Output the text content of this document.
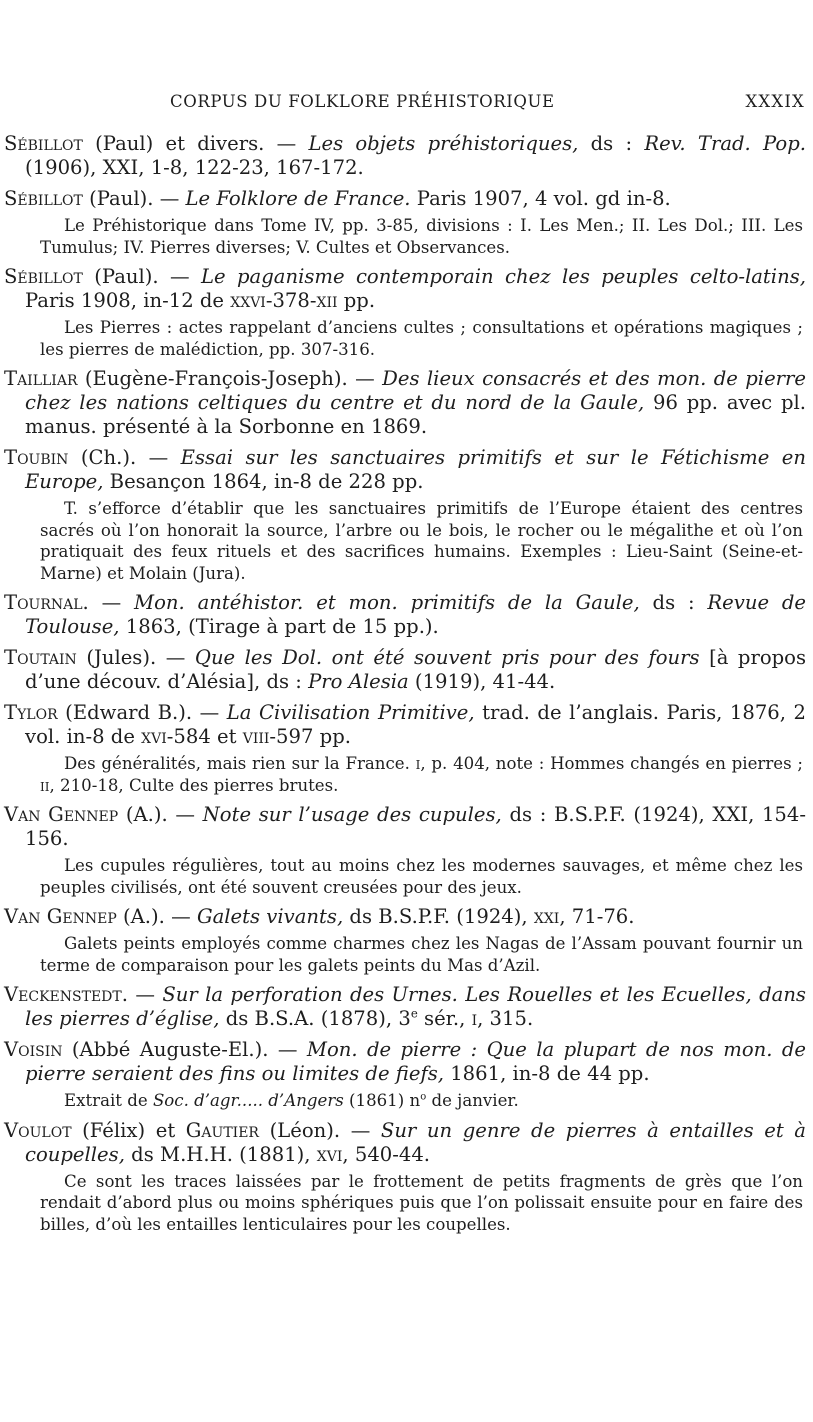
CORPUS DU FOLKLORE PRÉHISTORIQUE	XXXIX

Sébillot (Paul) et divers. — Les objets préhistoriques, ds : Rev. Trad. Pop. (1906), XXI, 1-8, 122-23, 167-172.

Sébillot (Paul). — Le Folklore de France. Paris 1907, 4 vol. gd in-8.

Le Préhistorique dans Tome IV, pp. 3-85, divisions : I. Les Men.; II. Les Dol.; III. Les Tumulus; IV. Pierres diverses; V. Cultes et Observances.

Sébillot (Paul). — Le paganisme contemporain chez les peuples celto-latins, Paris 1908, in-12 de xxvi-378-xii pp.

Les Pierres : actes rappelant d’anciens cultes ; consultations et opérations magiques ; les pierres de malédiction, pp. 307-316.

Tailliar (Eugène-François-Joseph). — Des lieux consacrés et des mon. de pierre chez les nations celtiques du centre et du nord de la Gaule, 96 pp. avec pl. manus. présenté à la Sorbonne en 1869.

Toubin (Ch.). — Essai sur les sanctuaires primitifs et sur le Fétichisme en Europe, Besançon 1864, in-8 de 228 pp.

T. s’efforce d’établir que les sanctuaires primitifs de l’Europe étaient des centres sacrés où l’on honorait la source, l’arbre ou le bois, le rocher ou le mégalithe et où l’on pratiquait des feux rituels et des sacrifices humains. Exemples : Lieu-Saint (Seine-et-Marne) et Molain (Jura).

Tournal. — Mon. antéhistor. et mon. primitifs de la Gaule, ds : Revue de Toulouse, 1863, (Tirage à part de 15 pp.).

Toutain (Jules). — Que les Dol. ont été souvent pris pour des fours [à propos d’une découv. d’Alésia], ds : Pro Alesia (1919), 41-44.

Tylor (Edward B.). — La Civilisation Primitive, trad. de l’anglais. Paris, 1876, 2 vol. in-8 de xvi-584 et viii-597 pp.

Des généralités, mais rien sur la France. i, p. 404, note : Hommes changés en pierres ; ii, 210-18, Culte des pierres brutes.

Van Gennep (A.). — Note sur l’usage des cupules, ds : B.S.P.F. (1924), XXI, 154-156.

Les cupules régulières, tout au moins chez les modernes sauvages, et même chez les peuples civilisés, ont été souvent creusées pour des jeux.

Van Gennep (A.). — Galets vivants, ds B.S.P.F. (1924), xxi, 71-76.

Galets peints employés comme charmes chez les Nagas de l’Assam pouvant fournir un terme de comparaison pour les galets peints du Mas d’Azil.

Veckenstedt. — Sur la perforation des Urnes. Les Rouelles et les Ecuelles, dans les pierres d’église, ds B.S.A. (1878), 3e sér., i, 315.

Voisin (Abbé Auguste-El.). — Mon. de pierre : Que la plupart de nos mon. de pierre seraient des fins ou limites de fiefs, 1861, in-8 de 44 pp.

Extrait de Soc. d’agr..... d’Angers (1861) $n^o$ de janvier.

Voulot (Félix) et Gautier (Léon). — Sur un genre de pierres à entailles et à coupelles, ds M.H.H. (1881), xvi, 540-44.

Ce sont les traces laissées par le frottement de petits fragments de grès que l’on rendait d’abord plus ou moins sphériques puis que l’on polissait ensuite pour en faire des billes, d’où les entailles lenticulaires pour les coupelles.
